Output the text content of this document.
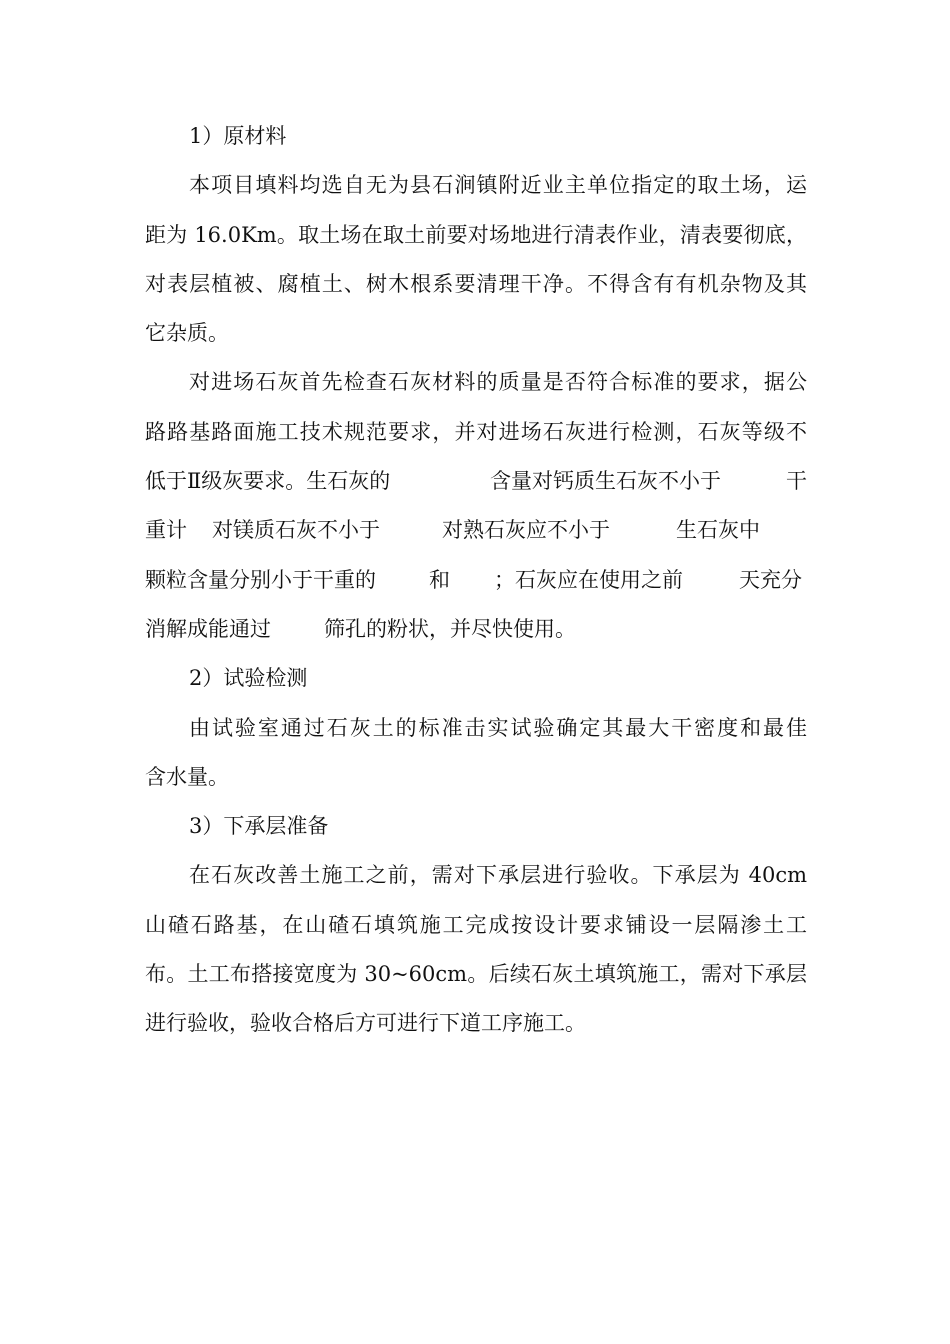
1）原材料
本项目填料均选自无为县石涧镇附近业主单位指定的取土场，运
距为 16.0Km。取土场在取土前要对场地进行清表作业，清表要彻底，
对表层植被、腐植土、树木根系要清理干净。不得含有有机杂物及其
它杂质。
对进场石灰首先检查石灰材料的质量是否符合标准的要求，据公
路路基路面施工技术规范要求，并对进场石灰进行检测，石灰等级不
低于Ⅱ级灰要求。生石灰的	含量对钙质生石灰不小于	干
重计 对镁质石灰不小于	对熟石灰应不小于	生石灰中
颗粒含量分别小于干重的	和 ；石灰应在使用之前	天充分
消解成能通过	筛孔的粉状，并尽快使用。
2）试验检测
由试验室通过石灰土的标准击实试验确定其最大干密度和最佳
含水量。
3）下承层准备
在石灰改善土施工之前，需对下承层进行验收。下承层为 40cm
山碴石路基，在山碴石填筑施工完成按设计要求铺设一层隔渗土工
布。土工布搭接宽度为 30~60cm。后续石灰土填筑施工，需对下承层
进行验收，验收合格后方可进行下道工序施工。
